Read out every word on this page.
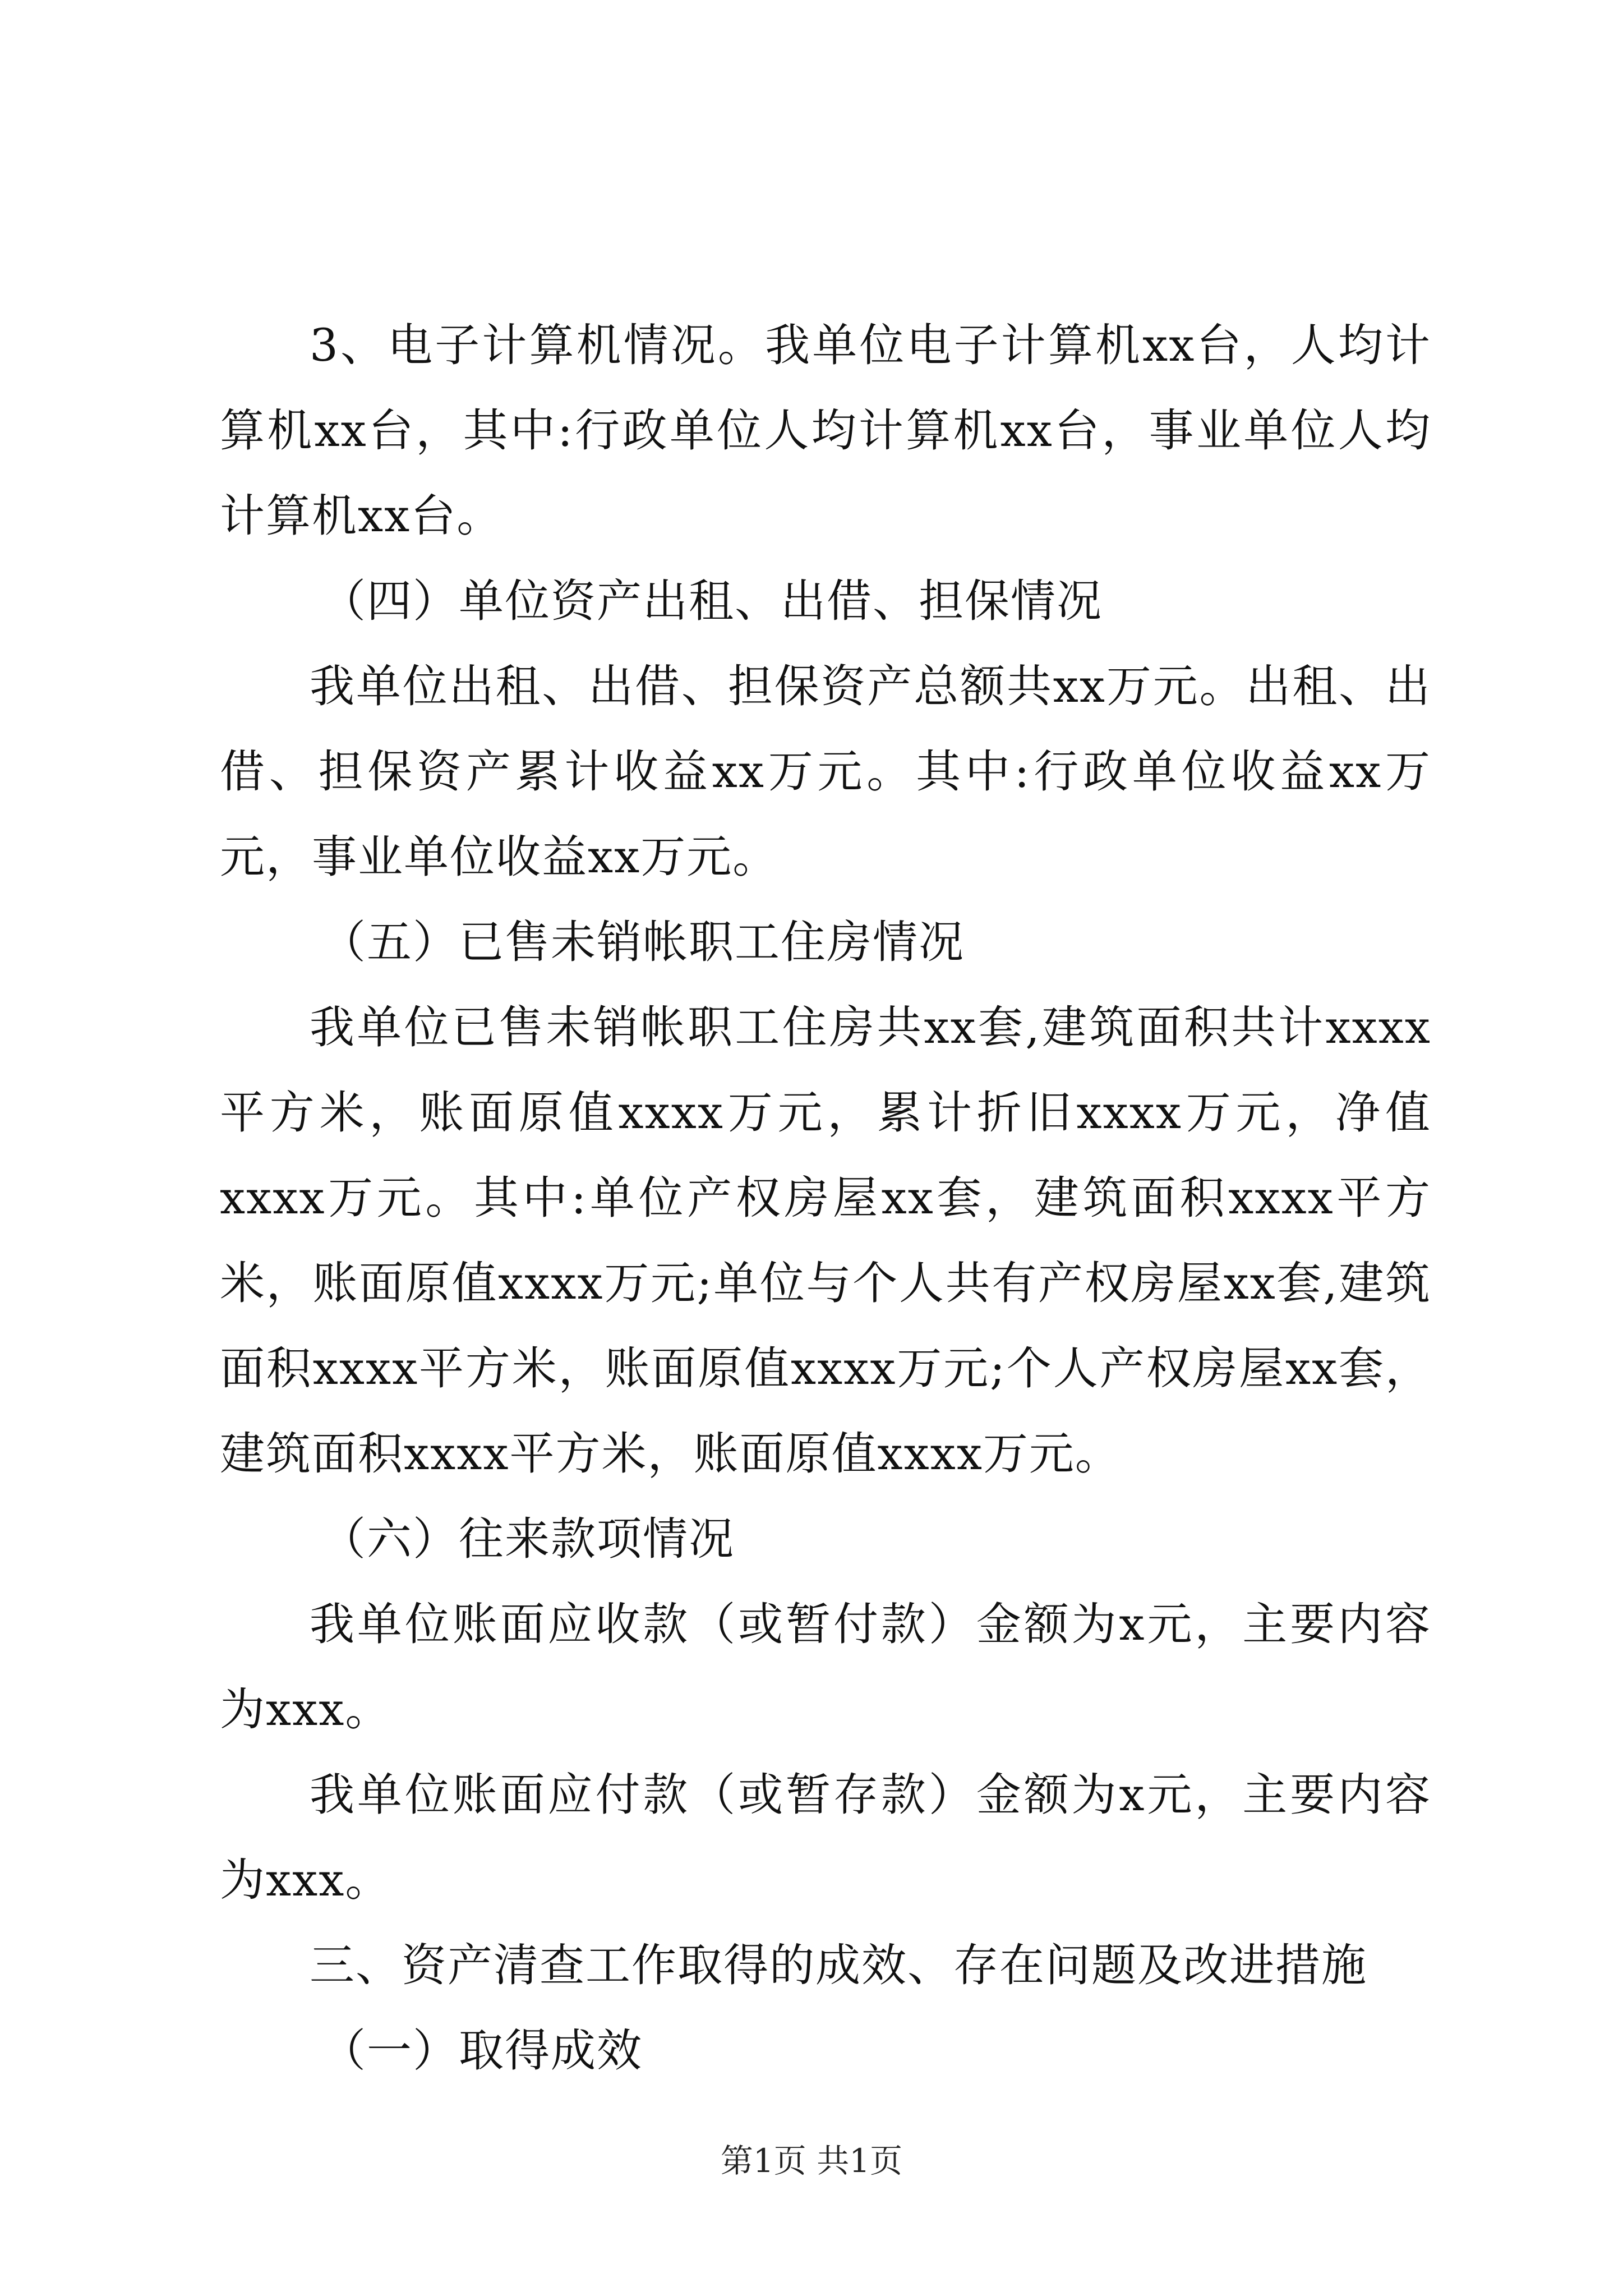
3、电子计算机情况。我单位电子计算机xx台，人均计算机xx台，其中:行政单位人均计算机xx台，事业单位人均计算机xx台。

（四）单位资产出租、出借、担保情况

我单位出租、出借、担保资产总额共xx万元。出租、出借、担保资产累计收益xx万元。其中:行政单位收益xx万元，事业单位收益xx万元。

（五）已售未销帐职工住房情况

我单位已售未销帐职工住房共xx套,建筑面积共计xxxx平方米，账面原值xxxx万元，累计折旧xxxx万元，净值xxxx万元。其中:单位产权房屋xx套，建筑面积xxxx平方米，账面原值xxxx万元;单位与个人共有产权房屋xx套,建筑面积xxxx平方米，账面原值xxxx万元;个人产权房屋xx套，建筑面积xxxx平方米，账面原值xxxx万元。

（六）往来款项情况

我单位账面应收款（或暂付款）金额为x元，主要内容为xxx。

我单位账面应付款（或暂存款）金额为x元，主要内容为xxx。

三、资产清查工作取得的成效、存在问题及改进措施

（一）取得成效

第1页 共1页
